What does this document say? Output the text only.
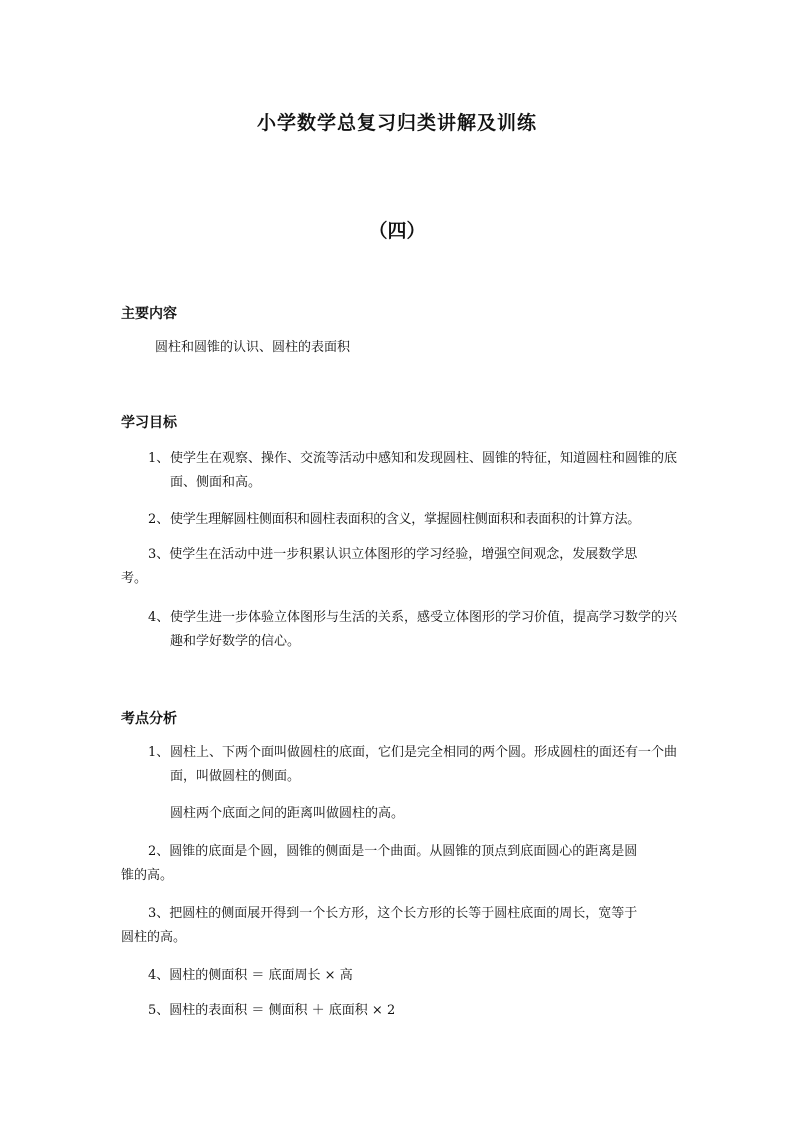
小学数学总复习归类讲解及训练
（四）
主要内容
圆柱和圆锥的认识、圆柱的表面积
学习目标
1、 使学生在观察、操作、交流等活动中感知和发现圆柱、圆锥的特征，知道圆柱和圆锥的底面、侧面和高。
2、 使学生理解圆柱侧面积和圆柱表面积的含义，掌握圆柱侧面积和表面积的计算方法。
3、使学生在活动中进一步积累认识立体图形的学习经验，增强空间观念，发展数学思
考。
4、 使学生进一步体验立体图形与生活的关系，感受立体图形的学习价值，提高学习数学的兴趣和学好数学的信心。
考点分析
1、 圆柱上、下两个面叫做圆柱的底面，它们是完全相同的两个圆。形成圆柱的面还有一个曲面，叫做圆柱的侧面。
圆柱两个底面之间的距离叫做圆柱的高。
2、圆锥的底面是个圆，圆锥的侧面是一个曲面。从圆锥的顶点到底面圆心的距离是圆
锥的高。
3、把圆柱的侧面展开得到一个长方形，这个长方形的长等于圆柱底面的周长，宽等于
圆柱的高。
4、圆柱的侧面积 ＝ 底面周长 × 高
5、圆柱的表面积 ＝ 侧面积 ＋ 底面积 × 2
